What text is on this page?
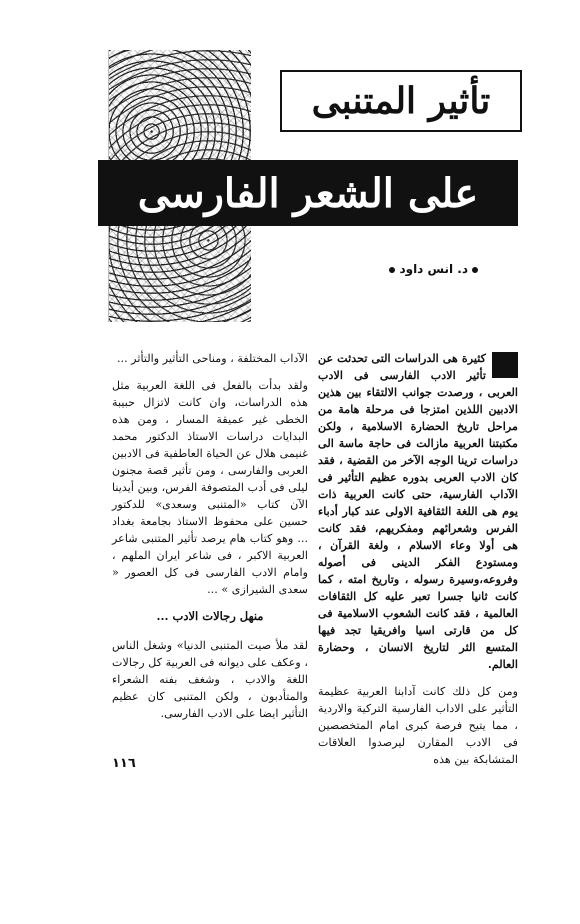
تأثير المتنبى
على الشعر الفارسى
د. انس داود

كثيرة هى الدراسات التى تحدثت عن تأثير الادب الفارسى فى الادب العربى ، ورصدت جوانب الالتقاء بين هذين الادبين اللذين امتزجا فى مرحلة هامة من مراحل تاريخ الحضارة الاسلامية ، ولكن مكتبتنا العربية مازالت فى حاجة ماسة الى دراسات ترينا الوجه الآخر من القضية ، فقد كان الادب العربى بدوره عظيم التأثير فى الآداب الفارسية، حتى كانت العربية ذات يوم هى اللغة الثقافية الاولى عند كبار أدباء الفرس وشعرائهم ومفكريهم، فقد كانت هى أولا وعاء الاسلام ، ولغة القرآن ، ومستودع الفكر الدينى فى أصوله وفروعه،وسيرة رسوله ، وتاريخ امته ، كما كانت ثانيا جسرا تعبر عليه كل الثقافات العالمية ، فقد كانت الشعوب الاسلامية فى كل من قارتى اسيا وافريقيا تجد فيها المتسع الثر لتاريخ الانسان ، وحضارة العالم.

ومن كل ذلك كانت آدابنا العربية عظيمة التأثير على الاداب الفارسية التركية والاردية ، مما يتيح فرصة كبرى امام المتخصصين فى الادب المقارن ليرصدوا العلاقات المتشابكة بين هذه

الآداب المختلفة ، ومناحى التأثير والتأثر ...

ولقد بدأت بالفعل فى اللغة العربية مثل هذه الدراسات، وان كانت لاتزال حبيبة الخطى غير عميقة المسار ، ومن هذه البدايات دراسات الاستاذ الدكتور محمد غنيمى هلال عن الحياة العاطفية فى الادبين العربى والفارسى ، ومن تأثير قصة مجنون ليلى فى أدب المتصوفة الفرس، وبين أيدينا الآن كتاب «المتنبى وسعدى» للدكتور حسين على محفوظ الاستاذ بجامعة بغداد ... وهو كتاب هام يرصد تأثير المتنبى شاعر العربية الاكبر ، فى شاعر ايران الملهم ، وامام الادب الفارسى فى كل العصور « سعدى الشيرازى » ...

منهل رجالات الادب ...

لقد ملأ صيت المتنبى الدنيا» وشغل الناس ، وعكف على ديوانه فى العربية كل رجالات اللغة والادب ، وشغف بفنه الشعراء والمتأدبون ، ولكن المتنبى كان عظيم التأثير ايضا على الادب الفارسى.

١١٦
